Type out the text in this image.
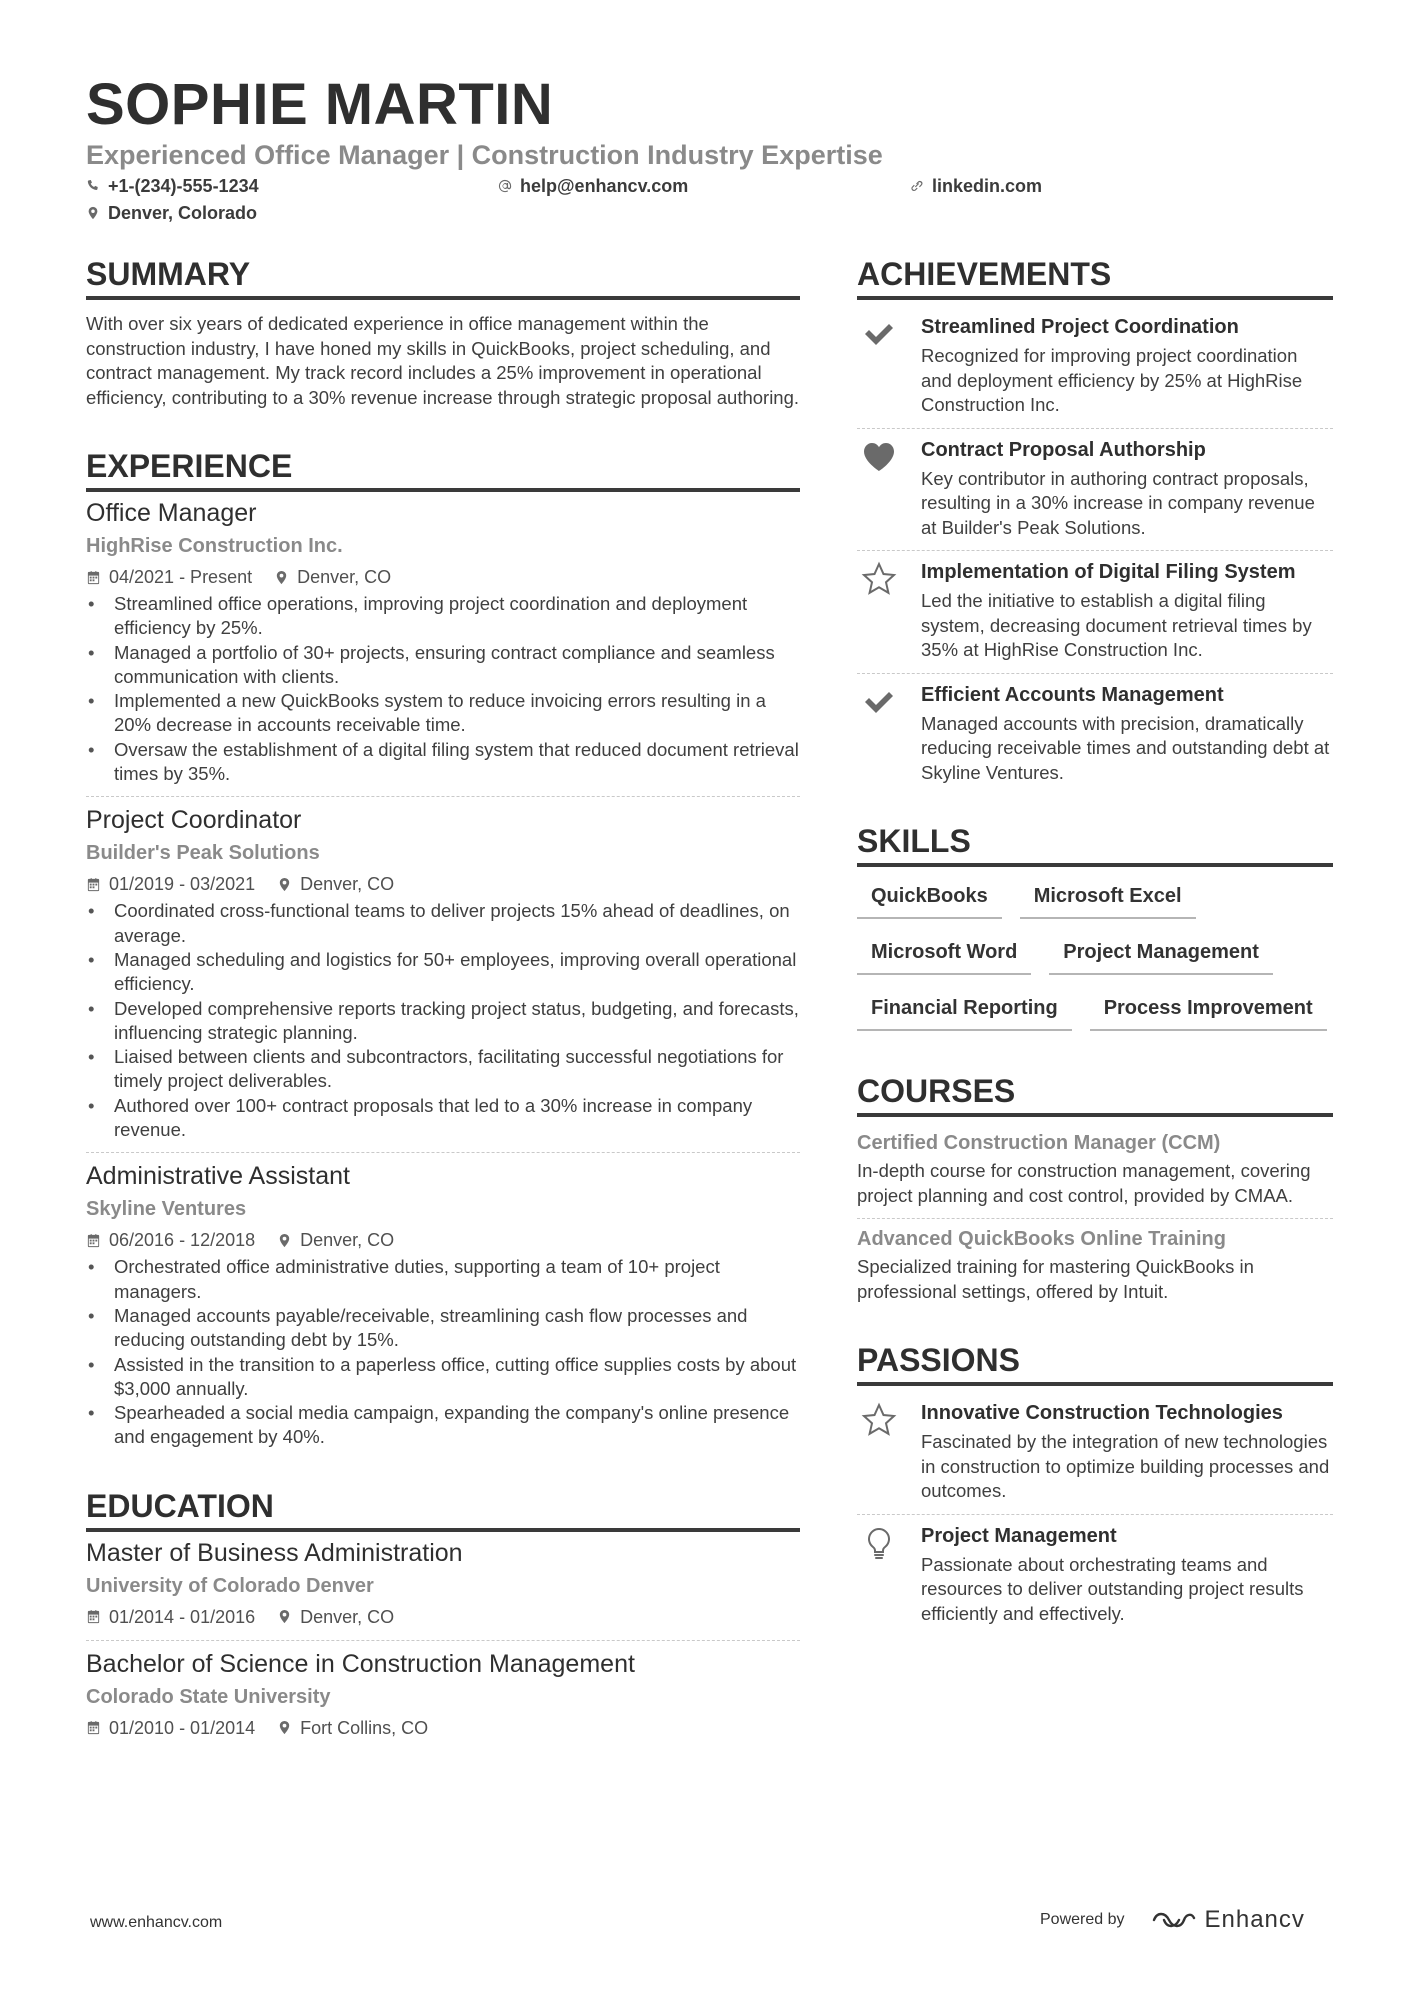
SOPHIE MARTIN
Experienced Office Manager | Construction Industry Expertise
+1-(234)-555-1234	help@enhancv.com	linkedin.com
Denver, Colorado
SUMMARY

With over six years of dedicated experience in office management within the construction industry, I have honed my skills in QuickBooks, project scheduling, and contract management. My track record includes a 25% improvement in operational efficiency, contributing to a 30% revenue increase through strategic proposal authoring.

EXPERIENCE
Office Manager
HighRise Construction Inc.
04/2021 - Present	Denver, CO
• Streamlined office operations, improving project coordination and deployment efficiency by 25%.
• Managed a portfolio of 30+ projects, ensuring contract compliance and seamless communication with clients.
• Implemented a new QuickBooks system to reduce invoicing errors resulting in a 20% decrease in accounts receivable time.
• Oversaw the establishment of a digital filing system that reduced document retrieval times by 35%.
Project Coordinator
Builder's Peak Solutions
01/2019 - 03/2021	Denver, CO
• Coordinated cross-functional teams to deliver projects 15% ahead of deadlines, on average.
• Managed scheduling and logistics for 50+ employees, improving overall operational efficiency.
• Developed comprehensive reports tracking project status, budgeting, and forecasts, influencing strategic planning.
• Liaised between clients and subcontractors, facilitating successful negotiations for timely project deliverables.
• Authored over 100+ contract proposals that led to a 30% increase in company revenue.
Administrative Assistant
Skyline Ventures
06/2016 - 12/2018	Denver, CO
• Orchestrated office administrative duties, supporting a team of 10+ project managers.
• Managed accounts payable/receivable, streamlining cash flow processes and reducing outstanding debt by 15%.
• Assisted in the transition to a paperless office, cutting office supplies costs by about $3,000 annually.
• Spearheaded a social media campaign, expanding the company's online presence and engagement by 40%.
EDUCATION
Master of Business Administration
University of Colorado Denver
01/2014 - 01/2016	Denver, CO
Bachelor of Science in Construction Management
Colorado State University
01/2010 - 01/2014	Fort Collins, CO
ACHIEVEMENTS
Streamlined Project Coordination
Recognized for improving project coordination and deployment efficiency by 25% at HighRise Construction Inc.
Contract Proposal Authorship
Key contributor in authoring contract proposals, resulting in a 30% increase in company revenue at Builder's Peak Solutions.
Implementation of Digital Filing System
Led the initiative to establish a digital filing system, decreasing document retrieval times by 35% at HighRise Construction Inc.
Efficient Accounts Management
Managed accounts with precision, dramatically reducing receivable times and outstanding debt at Skyline Ventures.
SKILLS
QuickBooks	Microsoft Excel
Microsoft Word	Project Management
Financial Reporting	Process Improvement
COURSES
Certified Construction Manager (CCM)
In-depth course for construction management, covering project planning and cost control, provided by CMAA.
Advanced QuickBooks Online Training
Specialized training for mastering QuickBooks in professional settings, offered by Intuit.
PASSIONS
Innovative Construction Technologies
Fascinated by the integration of new technologies in construction to optimize building processes and outcomes.
Project Management
Passionate about orchestrating teams and resources to deliver outstanding project results efficiently and effectively.
www.enhancv.com	Powered by	Enhancv
